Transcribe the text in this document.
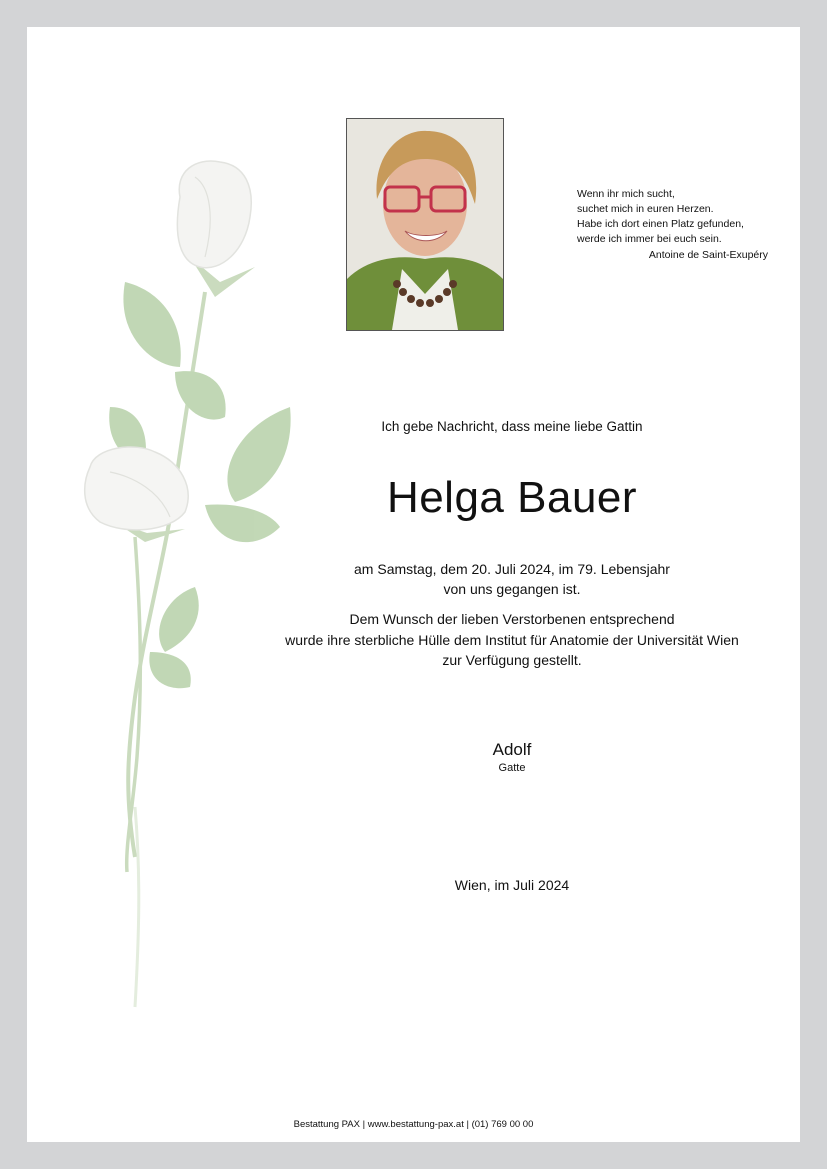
Wenn ihr mich sucht,
suchet mich in euren Herzen.
Habe ich dort einen Platz gefunden,
werde ich immer bei euch sein.
Antoine de Saint-Exupéry
Ich gebe Nachricht, dass meine liebe Gattin
Helga Bauer
am Samstag, dem 20. Juli 2024, im 79. Lebensjahr
von uns gegangen ist.
Dem Wunsch der lieben Verstorbenen entsprechend
wurde ihre sterbliche Hülle dem Institut für Anatomie der Universität Wien
zur Verfügung gestellt.
Adolf
Gatte
Wien, im Juli 2024
Bestattung PAX | www.bestattung-pax.at | (01) 769 00 00
